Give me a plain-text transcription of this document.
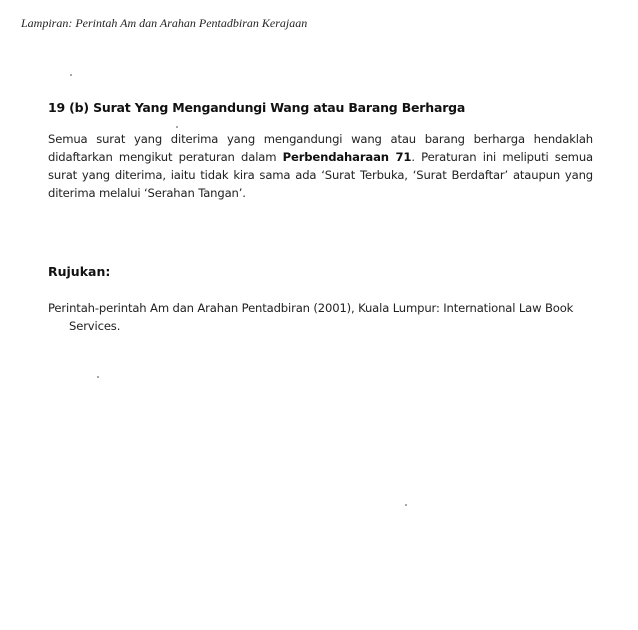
Lampiran: Perintah Am dan Arahan Pentadbiran Kerajaan
19 (b) Surat Yang Mengandungi Wang atau Barang Berharga

Semua surat yang diterima yang mengandungi wang atau barang berharga hendaklah didaftarkan mengikut peraturan dalam Perbendaharaan 71. Peraturan ini meliputi semua surat yang diterima, iaitu tidak kira sama ada ‘Surat Terbuka, ‘Surat Berdaftar’ ataupun yang diterima melalui ‘Serahan Tangan’.

Rujukan:
Perintah-perintah Am dan Arahan Pentadbiran (2001), Kuala Lumpur: International Law Book Services.
